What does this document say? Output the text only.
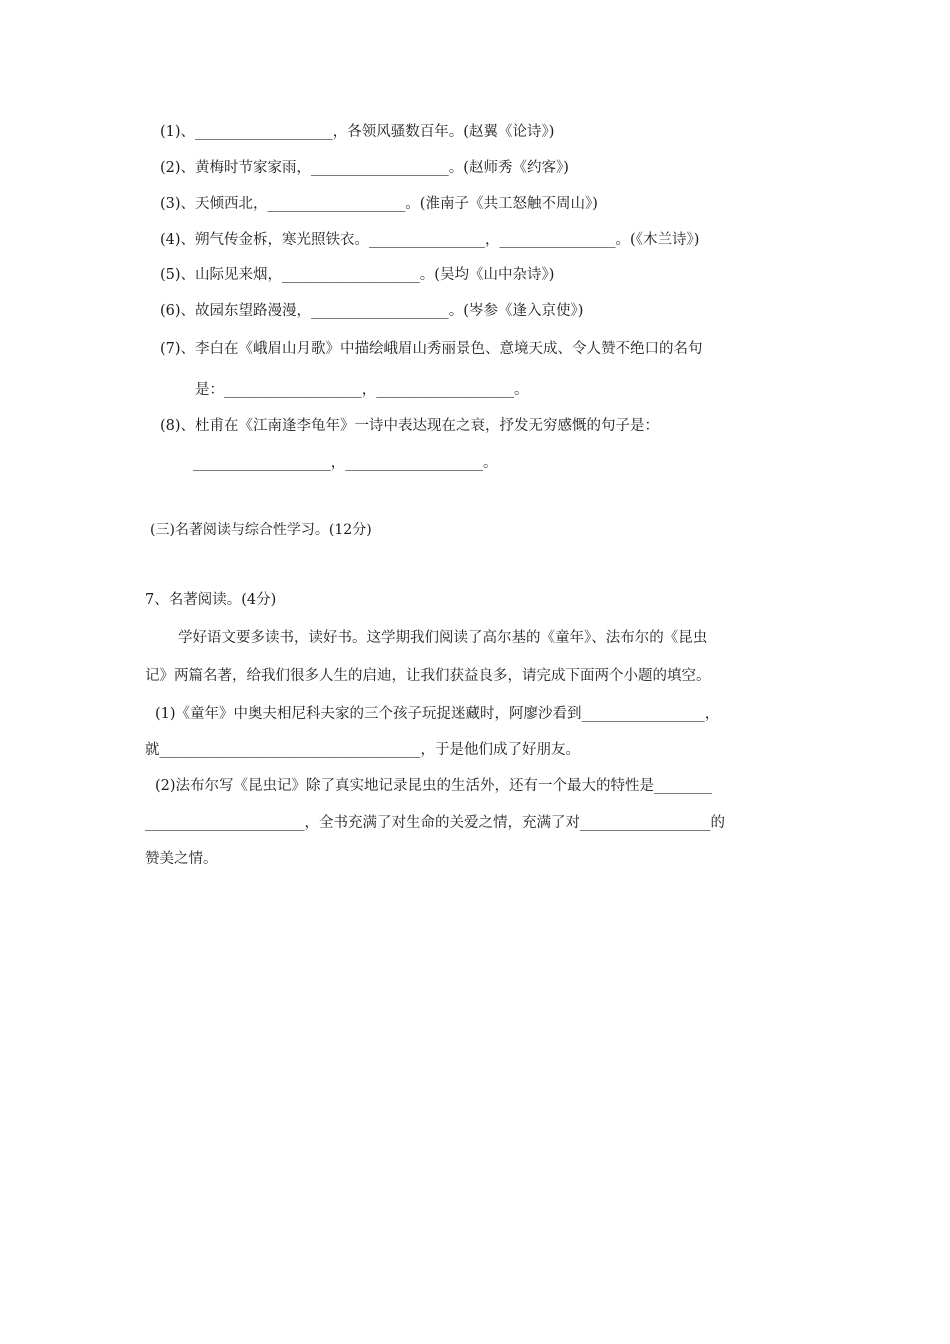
(1)、___________________，各领风骚数百年。(赵翼《论诗》)
(2)、黄梅时节家家雨，___________________。(赵师秀《约客》)
(3)、天倾西北，___________________。(淮南子《共工怒触不周山》)
(4)、朔气传金柝，寒光照铁衣。________________，________________。(《木兰诗》)
(5)、山际见来烟，___________________。(吴均《山中杂诗》)
(6)、故园东望路漫漫，___________________。(岑参《逢入京使》)
(7)、李白在《峨眉山月歌》中描绘峨眉山秀丽景色、意境天成、令人赞不绝口的名句
是：___________________，___________________。
(8)、杜甫在《江南逢李龟年》一诗中表达现在之衰，抒发无穷感慨的句子是：
___________________，___________________。
(三)名著阅读与综合性学习。(12分)
7、名著阅读。(4分)
学好语文要多读书，读好书。这学期我们阅读了高尔基的《童年》、法布尔的《昆虫
记》两篇名著，给我们很多人生的启迪，让我们获益良多，请完成下面两个小题的填空。
(1)《童年》中奥夫相尼科夫家的三个孩子玩捉迷藏时，阿廖沙看到_________________，
就____________________________________，于是他们成了好朋友。
(2)法布尔写《昆虫记》除了真实地记录昆虫的生活外，还有一个最大的特性是________
______________________，全书充满了对生命的关爱之情，充满了对__________________的
赞美之情。
